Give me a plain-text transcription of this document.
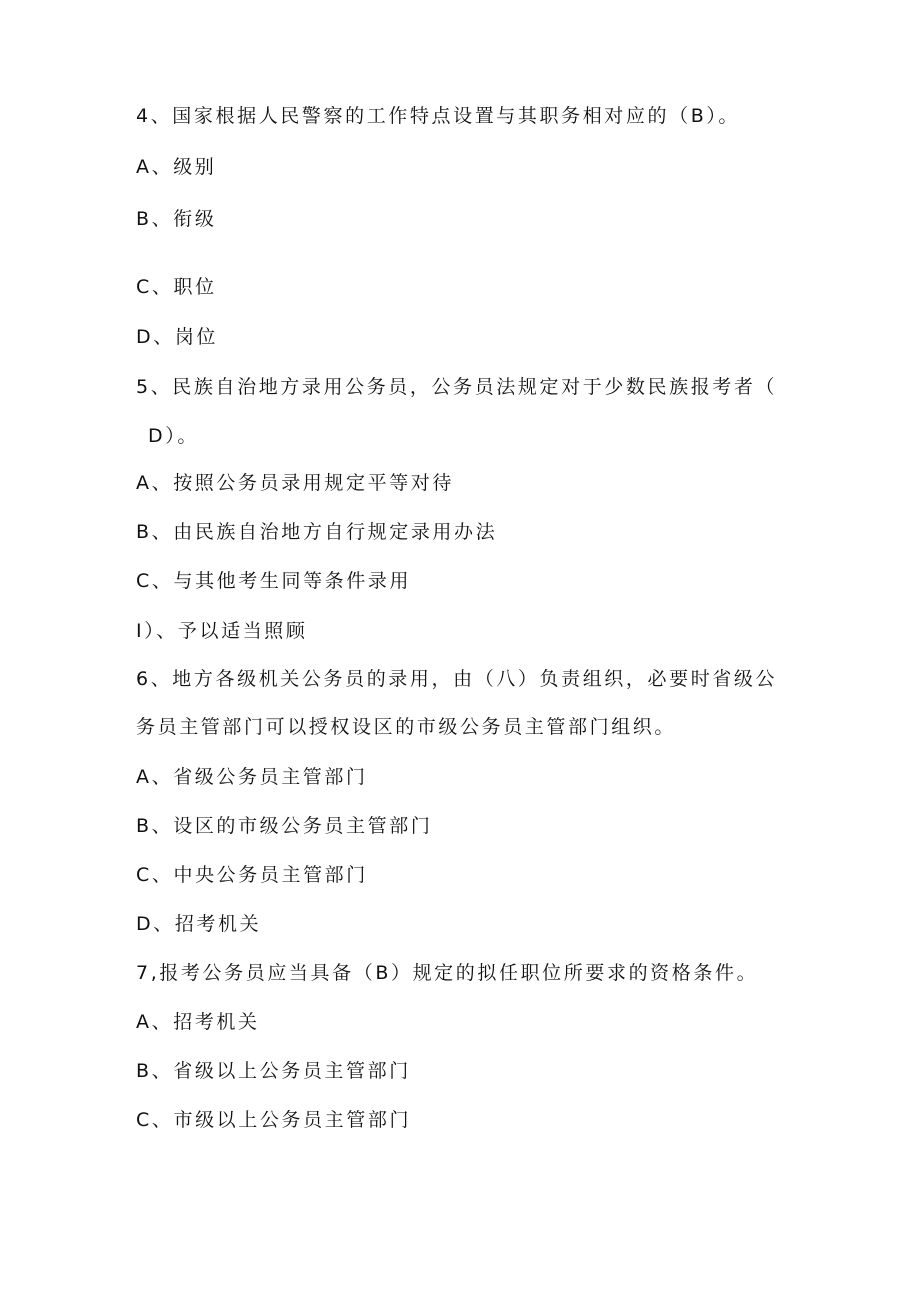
4、国家根据人民警察的工作特点设置与其职务相对应的（B）。
A、级别
B、衔级
C、职位
D、岗位
5、民族自治地方录用公务员，公务员法规定对于少数民族报考者（
D）。
A、按照公务员录用规定平等对待
B、由民族自治地方自行规定录用办法
C、与其他考生同等条件录用
I）、予以适当照顾
6、地方各级机关公务员的录用，由（八）负责组织，必要时省级公
务员主管部门可以授权设区的市级公务员主管部门组织。
A、省级公务员主管部门
B、设区的市级公务员主管部门
C、中央公务员主管部门
D、招考机关
7,报考公务员应当具备（B）规定的拟任职位所要求的资格条件。
A、招考机关
B、省级以上公务员主管部门
C、市级以上公务员主管部门
